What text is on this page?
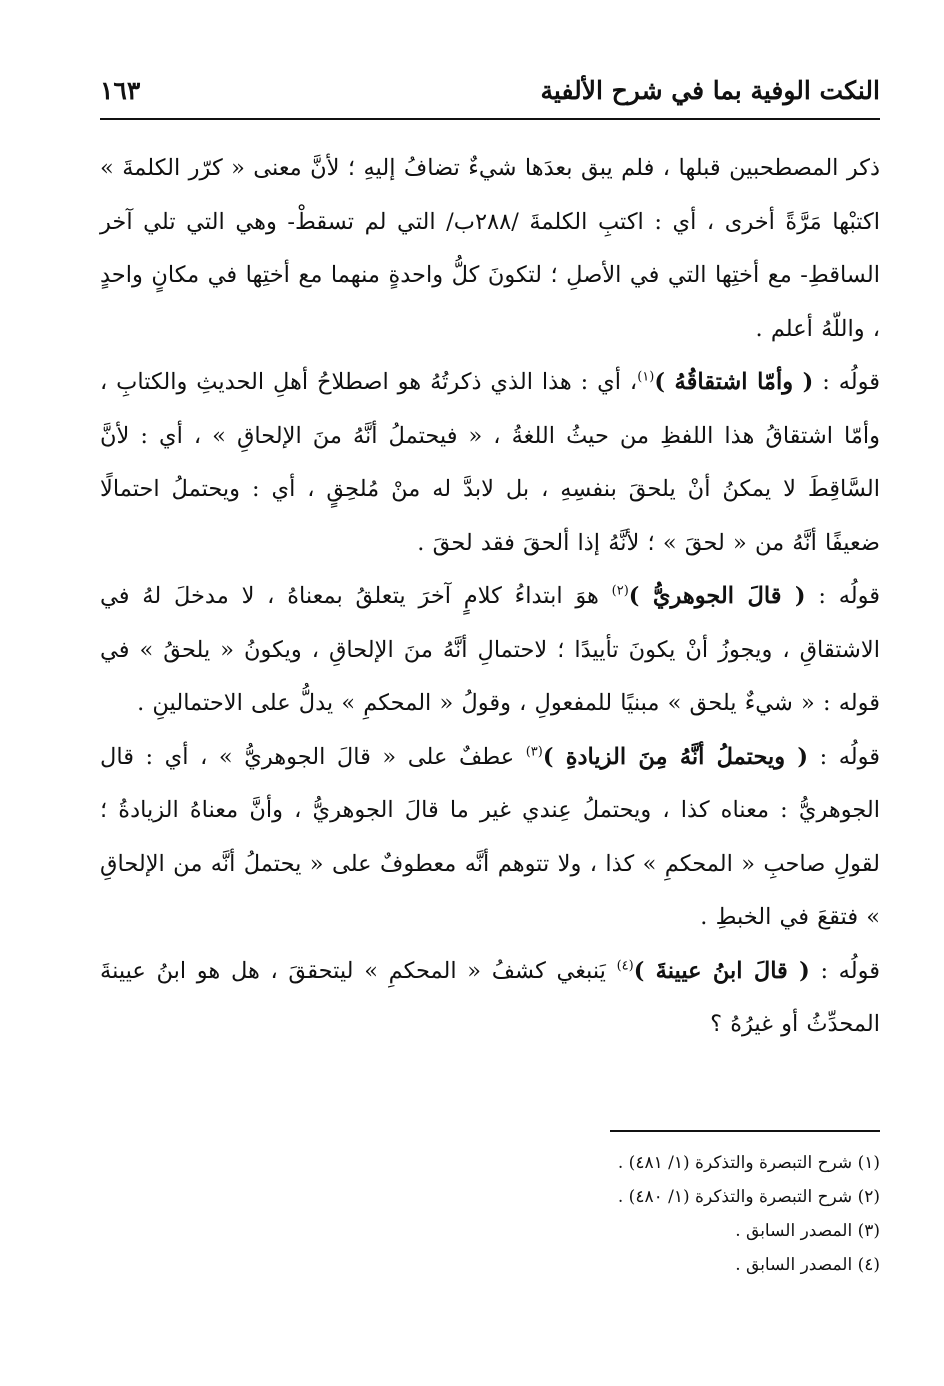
النكت الوفية بما في شرح الألفية
١٦٣

ذكر المصطحبين قبلها ، فلم يبق بعدَها شيءٌ تضافُ إليهِ ؛ لأنَّ معنى « كرّر الكلمةَ » اكتبْها مَرَّةً أخرى ، أي : اكتبِ الكلمةَ /٢٨٨ب/ التي لم تسقطْ- وهي التي تلي آخر الساقطِ- مع أختِها التي في الأصلِ ؛ لتكونَ كلُّ واحدةٍ منهما مع أختِها في مكانٍ واحدٍ ، واللّهُ أعلم .

قولُه : ( وأمّا اشتقاقُهُ )$^{(١)}$، أي : هذا الذي ذكرتُهُ هو اصطلاحُ أهلِ الحديثِ والكتابِ ، وأمّا اشتقاقُ هذا اللفظِ من حيثُ اللغةُ ، « فيحتملُ أنَّهُ منَ الإلحاقِ » ، أي : لأنَّ السَّاقِطَ لا يمكنُ أنْ يلحقَ بنفسِهِ ، بل لابدَّ له منْ مُلحِقٍ ، أي : ويحتملُ احتمالًا ضعيفًا أنَّهُ من « لحقَ » ؛ لأنَّهُ إذا ألحقَ فقد لحقَ .

قولُه : ( قالَ الجوهريُّ )$^{(٢)}$ هوَ ابتداءُ كلامٍ آخرَ يتعلقُ بمعناهُ ، لا مدخلَ لهُ في الاشتقاقِ ، ويجوزُ أنْ يكونَ تأييدًا ؛ لاحتمالِ أنَّهُ منَ الإلحاقِ ، ويكونُ « يلحقُ » في قوله : « شيءٌ يلحق » مبنيًا للمفعولِ ، وقولُ « المحكمِ » يدلُّ على الاحتمالينِ .

قولُه : ( ويحتملُ أنَّهُ مِنَ الزيادةِ )$^{(٣)}$ عطفٌ على « قالَ الجوهريُّ » ، أي : قال الجوهريُّ : معناه كذا ، ويحتملُ عِندي غير ما قالَ الجوهريُّ ، وأنَّ معناهُ الزيادةُ ؛ لقولِ صاحبِ « المحكمِ » كذا ، ولا تتوهم أنَّه معطوفٌ على « يحتملُ أنَّه من الإلحاقِ » فتقعَ في الخبطِ .

قولُه : ( قالَ ابنُ عيينةَ )$^{(٤)}$ يَنبغي كشفُ « المحكمِ » ليتحققَ ، هل هو ابنُ عيينةَ المحدِّثُ أو غيرُهُ ؟

(١) شرح التبصرة والتذكرة (١/ ٤٨١) .
(٢) شرح التبصرة والتذكرة (١/ ٤٨٠) .
(٣) المصدر السابق .
(٤) المصدر السابق .
